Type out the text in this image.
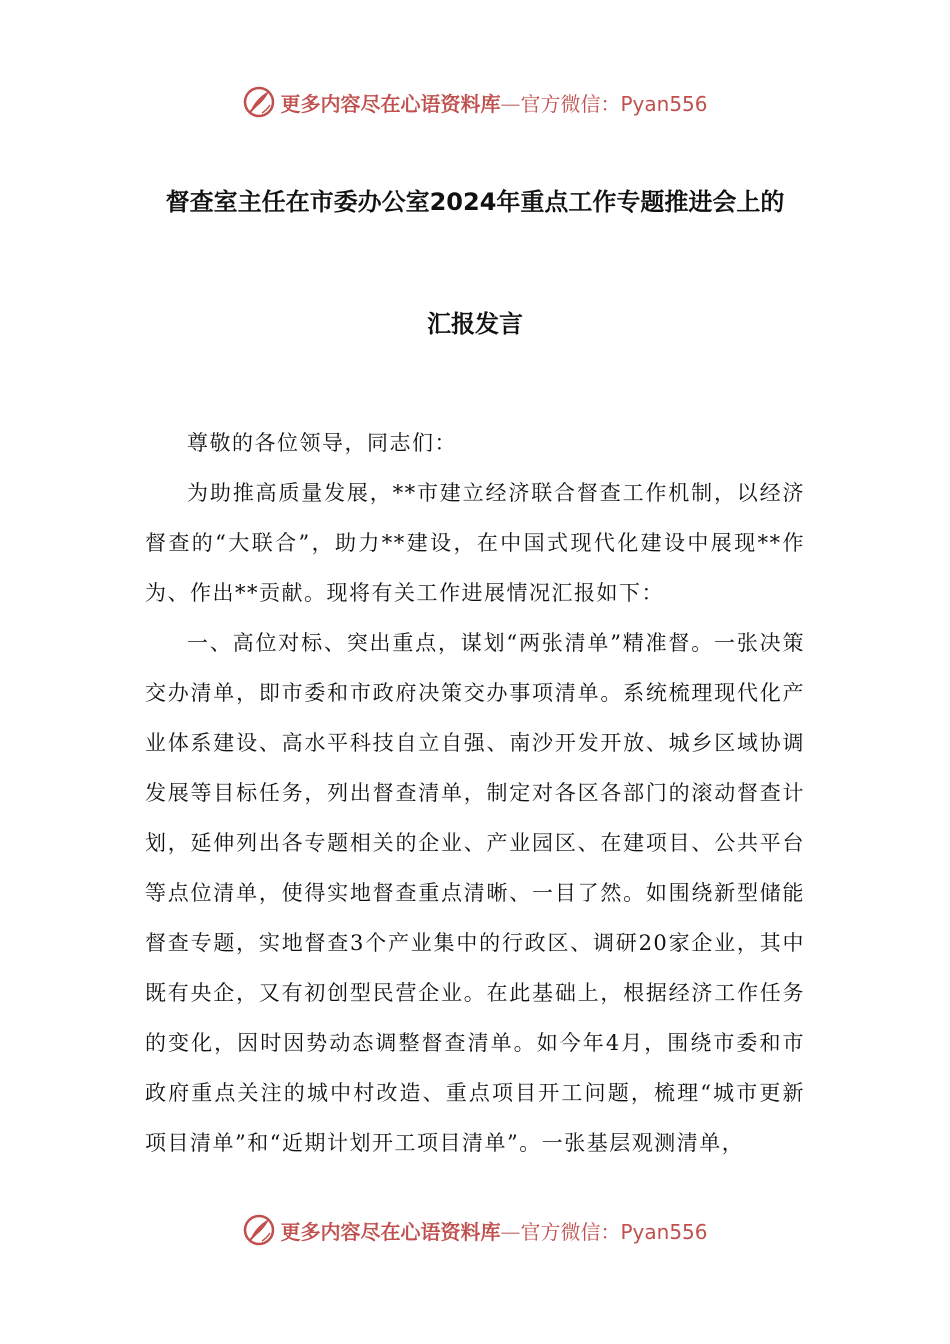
更多内容尽在心语资料库—官方微信：Pyan556
督查室主任在市委办公室2024年重点工作专题推进会上的
汇报发言

尊敬的各位领导，同志们：

为助推高质量发展，**市建立经济联合督查工作机制，以经济督查的“大联合”，助力**建设，在中国式现代化建设中展现**作为、作出**贡献。现将有关工作进展情况汇报如下：

一、高位对标、突出重点，谋划“两张清单”精准督。一张决策交办清单，即市委和市政府决策交办事项清单。系统梳理现代化产业体系建设、高水平科技自立自强、南沙开发开放、城乡区域协调发展等目标任务，列出督查清单，制定对各区各部门的滚动督查计划，延伸列出各专题相关的企业、产业园区、在建项目、公共平台等点位清单，使得实地督查重点清晰、一目了然。如围绕新型储能督查专题，实地督查3个产业集中的行政区、调研20家企业，其中既有央企，又有初创型民营企业。在此基础上，根据经济工作任务的变化，因时因势动态调整督查清单。如今年4月，围绕市委和市政府重点关注的城中村改造、重点项目开工问题，梳理“城市更新项目清单”和“近期计划开工项目清单”。一张基层观测清单，

更多内容尽在心语资料库—官方微信：Pyan556
